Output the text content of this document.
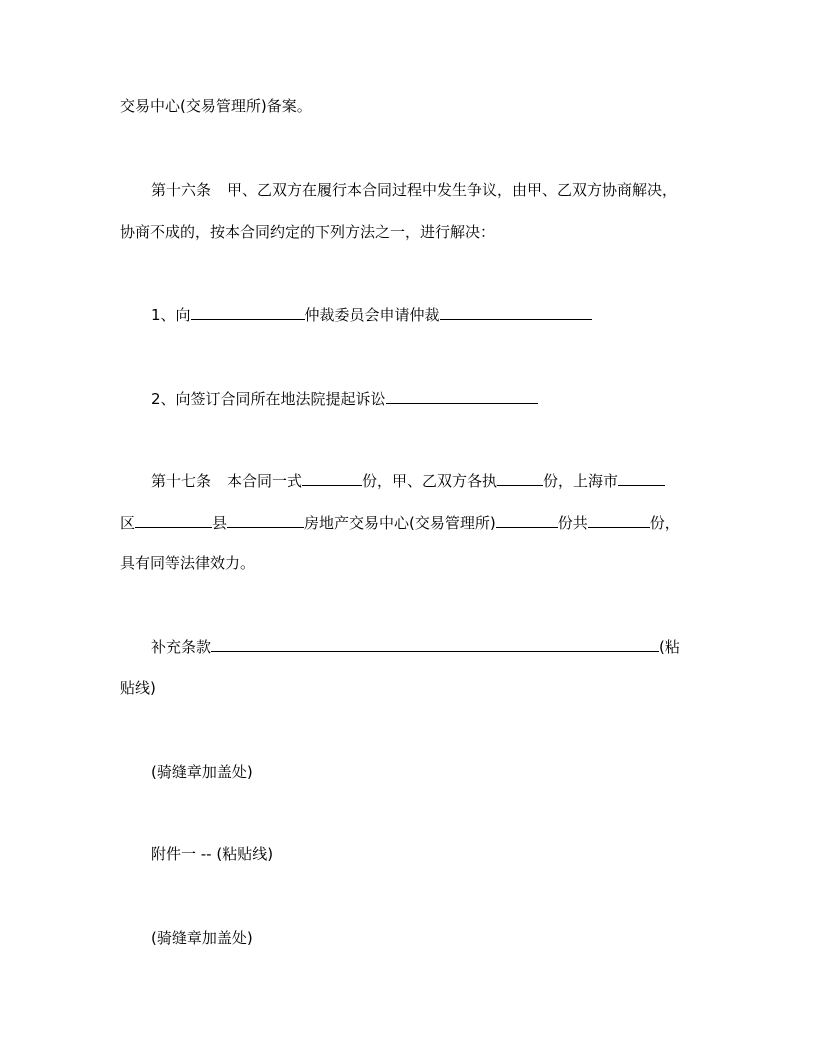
交易中心(交易管理所)备案。
第十六条 甲、乙双方在履行本合同过程中发生争议，由甲、乙双方协商解决，
协商不成的，按本合同约定的下列方法之一，进行解决：
1、向	仲裁委员会申请仲裁
2、向签订合同所在地法院提起诉讼
第十七条 本合同一式	份，甲、乙双方各执	份，上海市
区	县	房地产交易中心(交易管理所)	份共	份，
具有同等法律效力。
补充条款	(粘
贴线)
(骑缝章加盖处)
附件一 -- (粘贴线)
(骑缝章加盖处)
